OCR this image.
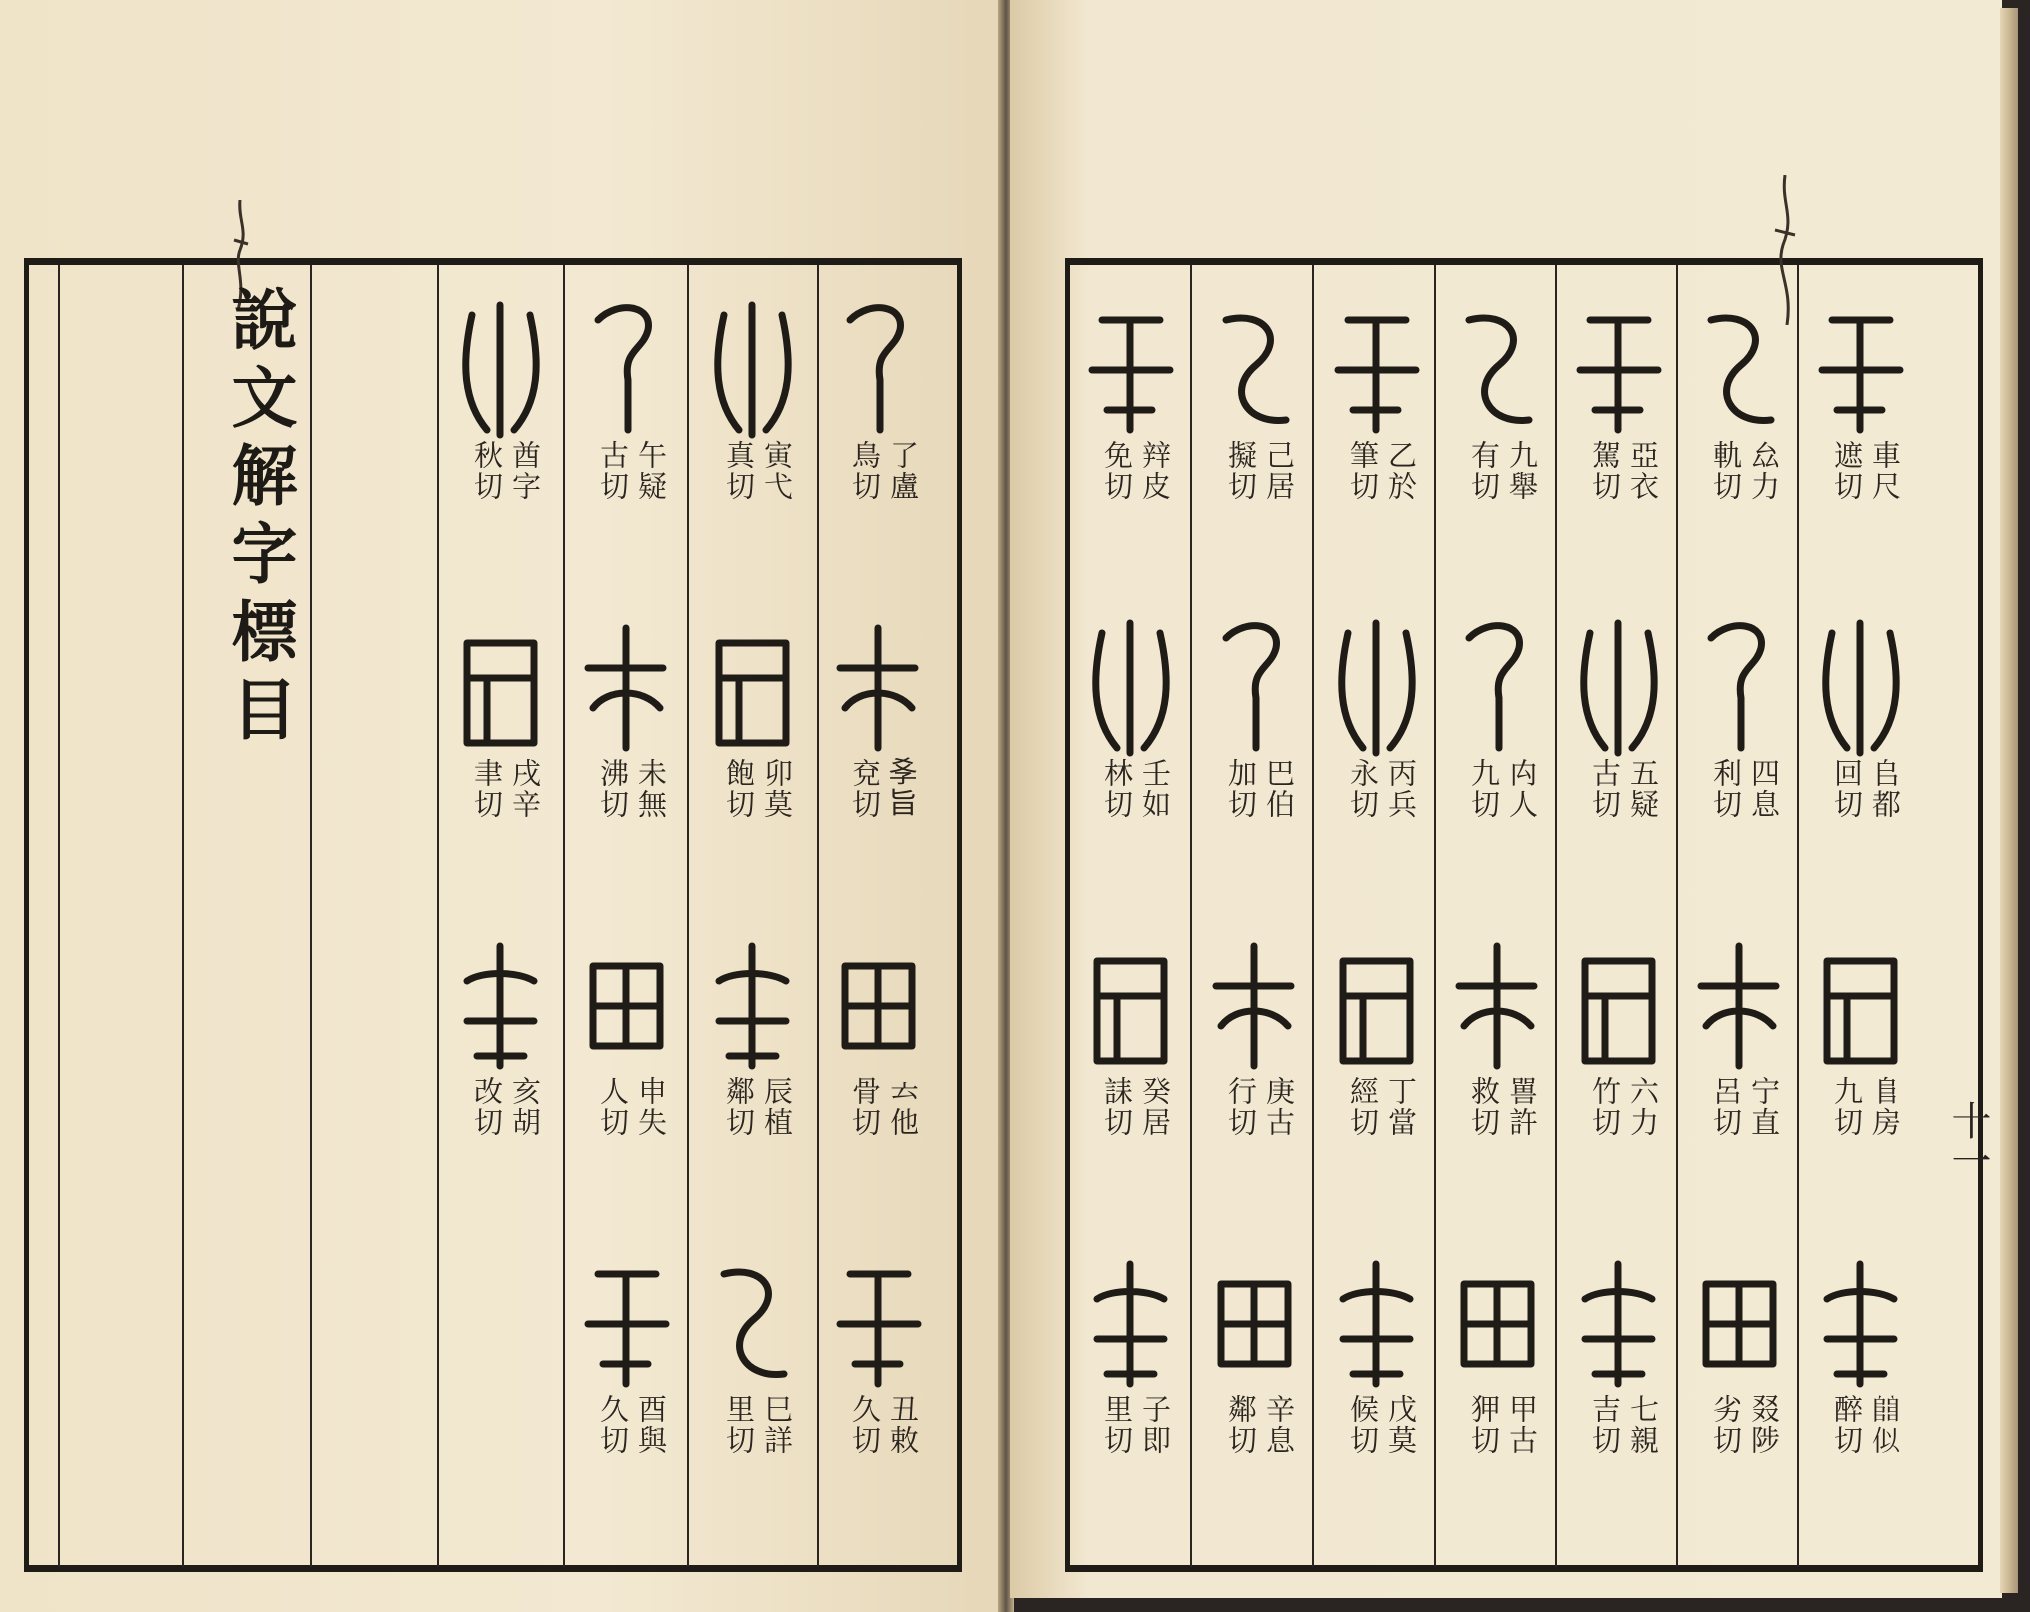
說文解字標目	了盧
鳥切
𡥈旨
兗切
𠫓他
骨切
丑敕
久切
寅弋
真切
卯莫
飽切
辰植
鄰切
巳詳
里切
午疑
古切
未無
沸切
申失
人切
酉與
久切
酋字
秋切
戌辛
聿切
亥胡
改切
車尺
遮切
𠂤都
回切
𨸏房
九切
𨺅似
醉切
厽力
軌切
四息
利切
宁直
呂切
叕陟
劣切
亞衣
駕切
五疑
古切
六力
竹切
七親
吉切
九舉
有切
禸人
九切
嘼許
救切
甲古
狎切
乙於
筆切
丙兵
永切
丁當
經切
戊莫
候切
己居
擬切
巴伯
加切
庚古
行切
辛息
鄰切
辡皮
免切
壬如
林切
癸居
誄切
子即
里切
十一
